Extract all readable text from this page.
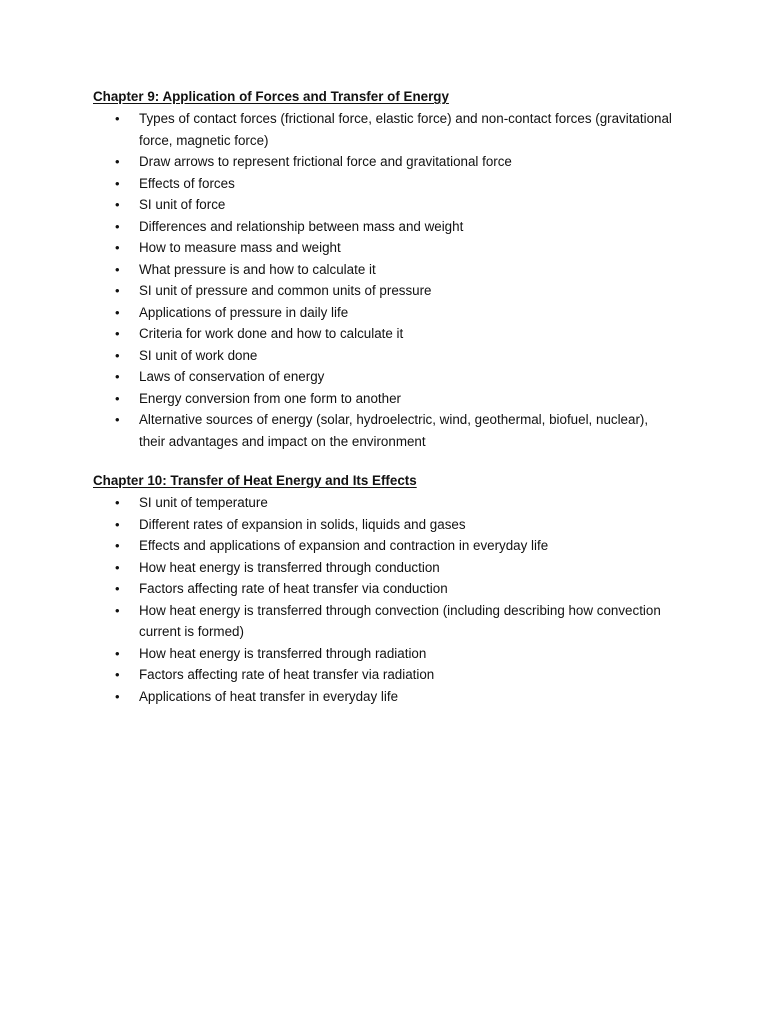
Chapter 9: Application of Forces and Transfer of Energy
• Types of contact forces (frictional force, elastic force) and non-contact forces (gravitational force, magnetic force)
• Draw arrows to represent frictional force and gravitational force
• Effects of forces
• SI unit of force
• Differences and relationship between mass and weight
• How to measure mass and weight
• What pressure is and how to calculate it
• SI unit of pressure and common units of pressure
• Applications of pressure in daily life
• Criteria for work done and how to calculate it
• SI unit of work done
• Laws of conservation of energy
• Energy conversion from one form to another
• Alternative sources of energy (solar, hydroelectric, wind, geothermal, biofuel, nuclear), their advantages and impact on the environment
Chapter 10: Transfer of Heat Energy and Its Effects
• SI unit of temperature
• Different rates of expansion in solids, liquids and gases
• Effects and applications of expansion and contraction in everyday life
• How heat energy is transferred through conduction
• Factors affecting rate of heat transfer via conduction
• How heat energy is transferred through convection (including describing how convection current is formed)
• How heat energy is transferred through radiation
• Factors affecting rate of heat transfer via radiation
• Applications of heat transfer in everyday life
